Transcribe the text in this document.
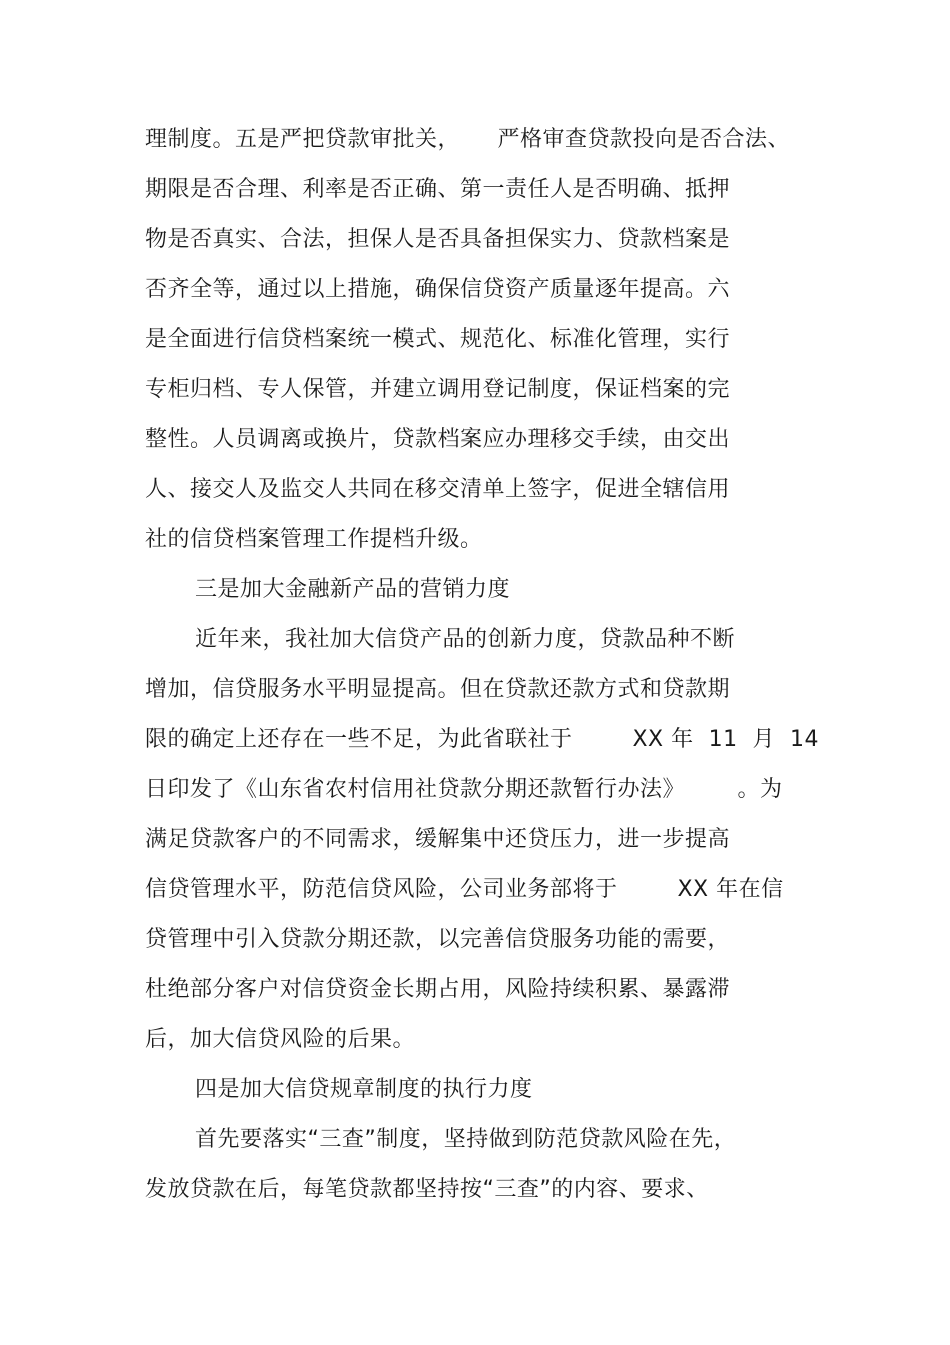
理制度。五是严把贷款审批关，     严格审查贷款投向是否合法、
期限是否合理、利率是否正确、第一责任人是否明确、抵押
物是否真实、合法，担保人是否具备担保实力、贷款档案是
否齐全等，通过以上措施，确保信贷资产质量逐年提高。六
是全面进行信贷档案统一模式、规范化、标准化管理，实行
专柜归档、专人保管，并建立调用登记制度，保证档案的完
整性。人员调离或换片，贷款档案应办理移交手续，由交出
人、接交人及监交人共同在移交清单上签字，促进全辖信用
社的信贷档案管理工作提档升级。
三是加大金融新产品的营销力度
近年来，我社加大信贷产品的创新力度，贷款品种不断
增加，信贷服务水平明显提高。但在贷款还款方式和贷款期
限的确定上还存在一些不足，为此省联社于        XX 年  11  月  14
日印发了《山东省农村信用社贷款分期还款暂行办法》       。为
满足贷款客户的不同需求，缓解集中还贷压力，进一步提高
信贷管理水平，防范信贷风险，公司业务部将于        XX 年在信
贷管理中引入贷款分期还款，以完善信贷服务功能的需要，
杜绝部分客户对信贷资金长期占用，风险持续积累、暴露滞
后，加大信贷风险的后果。
四是加大信贷规章制度的执行力度
首先要落实“三查”制度，坚持做到防范贷款风险在先，
发放贷款在后，每笔贷款都坚持按“三查”的内容、要求、
